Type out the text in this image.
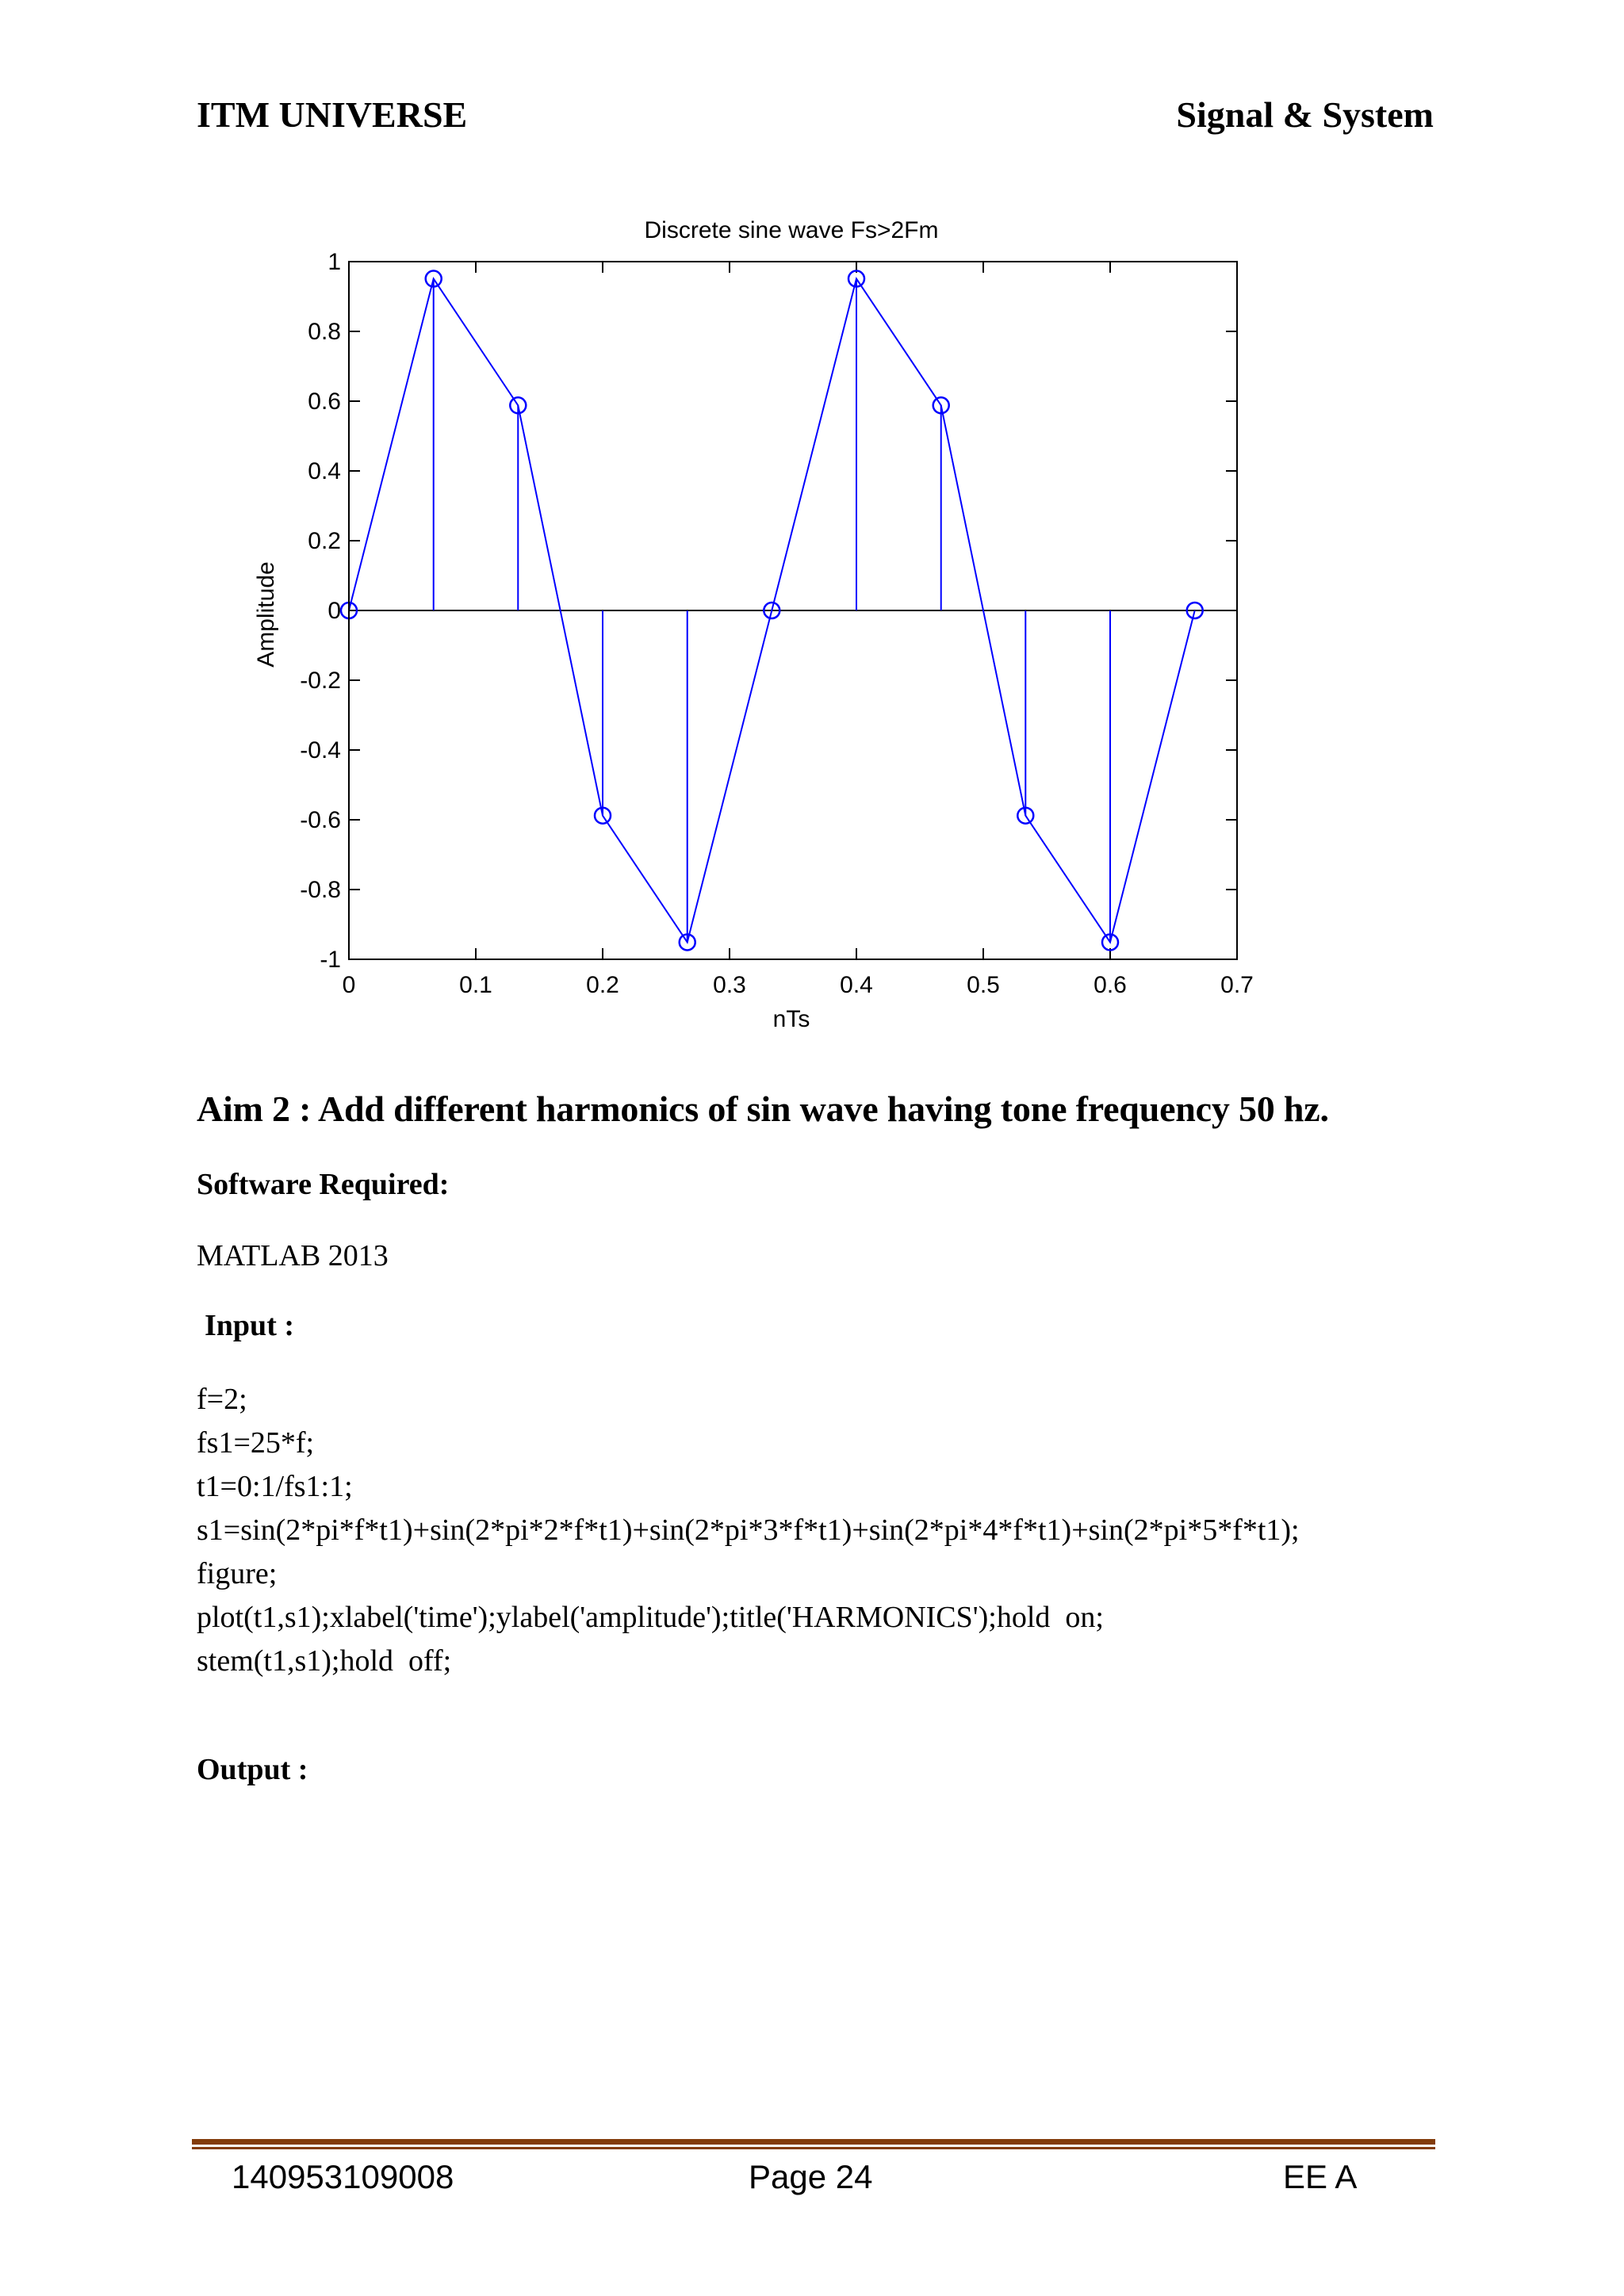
ITM UNIVERSE	Signal & System
Discrete sine wave Fs>2Fm
nTs
Amplitude
0	0.1	0.2	0.3	0.4	0.5	0.6	0.7
1
0.8
0.6
0.4
0.2
0
-0.2
-0.4
-0.6
-0.8
-1
Aim 2 : Add different harmonics of sin wave having tone frequency 50 hz.
Software Required:
MATLAB 2013
Input :
f=2;
fs1=25*f;
t1=0:1/fs1:1;
s1=sin(2*pi*f*t1)+sin(2*pi*2*f*t1)+sin(2*pi*3*f*t1)+sin(2*pi*4*f*t1)+sin(2*pi*5*f*t1);
figure;
plot(t1,s1);xlabel('time');ylabel('amplitude');title('HARMONICS');hold  on;
stem(t1,s1);hold  off;
Output :
140953109008	Page 24	EE A
